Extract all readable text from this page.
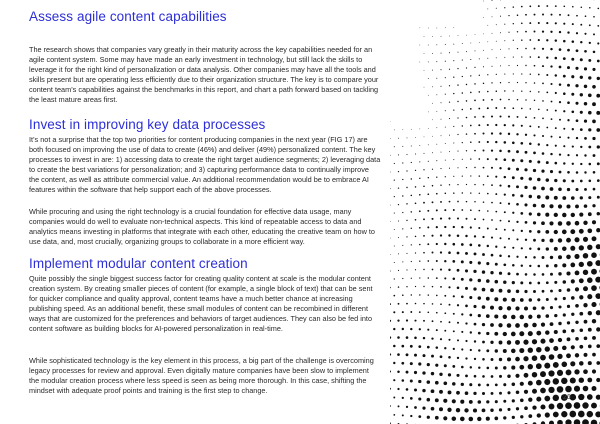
Assess agile content capabilities

The research shows that companies vary greatly in their maturity across the key capabilities needed for an agile content system. Some may have made an early investment in technology, but still lack the skills to leverage it for the right kind of personalization or data analysis. Other companies may have all the tools and skills present but are operating less efficiently due to their organization structure. The key is to compare your content team’s capabilities against the benchmarks in this report, and chart a path forward based on tackling the least mature areas first.

Invest in improving key data processes

It’s not a surprise that the top two priorities for content producing companies in the next year (FIG 17) are both focused on improving the use of data to create (46%) and deliver (49%) personalized content. The key processes to invest in are: 1) accessing data to create the right target audience segments; 2) leveraging data to create the best variations for personalization; and 3) capturing performance data to continually improve the content, as well as attribute commercial value. An additional recommendation would be to embrace AI features within the software that help support each of the above processes.

While procuring and using the right technology is a crucial foundation for effective data usage, many companies would do well to evaluate non-technical aspects. This kind of repeatable access to data and analytics means investing in platforms that integrate with each other, educating the creative team on how to use data, and, most crucially, organizing groups to collaborate in a more efficient way.

Implement modular content creation

Quite possibly the single biggest success factor for creating quality content at scale is the modular content creation system. By creating smaller pieces of content (for example, a single block of text) that can be sent for quicker compliance and quality approval, content teams have a much better chance at increasing publishing speed. As an additional benefit, these small modules of content can be recombined in different ways that are customized for the preferences and behaviors of target audiences. They can also be fed into content software as building blocks for AI-powered personalization in real-time.

While sophisticated technology is the key element in this process, a big part of the challenge is overcoming legacy processes for review and approval. Even digitally mature companies have been slow to implement the modular creation process where less speed is seen as being more thorough. In this case, shifting the mindset with adequate proof points and training is the first step to change.

26
